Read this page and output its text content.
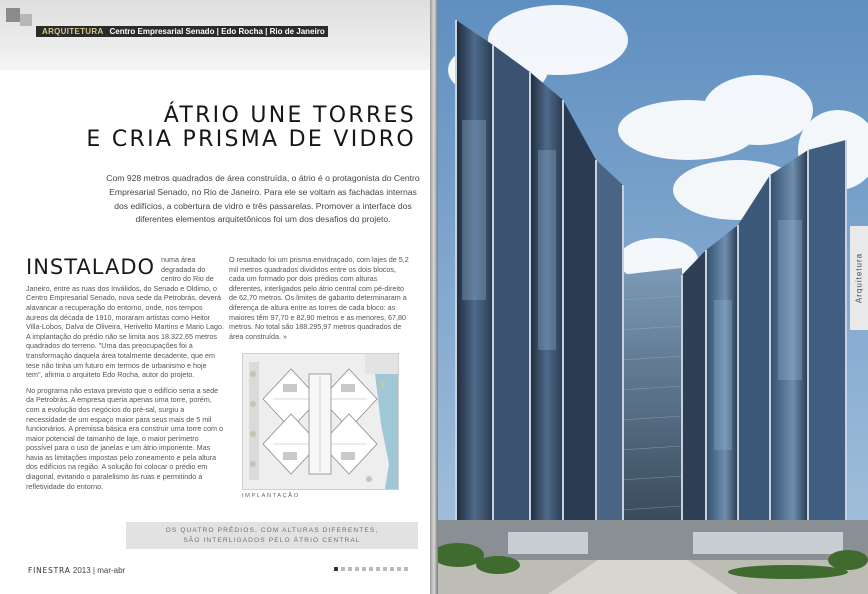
ARQUITETURA Centro Empresarial Senado | Edo Rocha | Rio de Janeiro
ÁTRIO UNE TORRES
E CRIA PRISMA DE VIDRO
Com 928 metros quadrados de área construída, o átrio é o protagonista do Centro Empresarial Senado, no Rio de Janeiro. Para ele se voltam as fachadas internas dos edifícios, a cobertura de vidro e três passarelas. Promover a interface dos diferentes elementos arquitetônicos foi um dos desafios do projeto.

INSTALADO numa área degradada do centro do Rio de Janeiro, entre as ruas dos Inválidos, do Senado e Oldimo, o Centro Empresarial Senado, nova sede da Petrobrás, deverá alavancar a recuperação do entorno, onde, nos tempos áureos da década de 1910, moraram artistas como Heitor Villa-Lobos, Dalva de Oliveira, Herivelto Martins e Mario Lago. A implantação do prédio não se limita aos 18.322,65 metros quadrados do terreno. "Uma das preocupações foi a transformação daquela área totalmente decadente, que em tese não tinha um futuro em termos de urbanismo e hoje tem", afirma o arquiteto Edo Rocha, autor do projeto.

No programa não estava previsto que o edifício seria a sede da Petrobrás. A empresa queria apenas uma torre, porém, com a evolução dos negócios do pré-sal, surgiu a necessidade de um espaço maior para seus mais de 5 mil funcionários. A premissa básica era construir uma torre com o maior potencial de tamanho de laje, o maior perímetro possível para o uso de janelas e um átrio imponente. Mas havia as limitações impostas pelo zoneamento e pela altura dos edifícios na região. A solução foi colocar o prédio em diagonal, evitando o paralelismo às ruas e permitindo a refletividade do entorno.

O resultado foi um prisma envidraçado, com lajes de 5,2 mil metros quadrados divididos entre os dois blocos, cada um formado por dois prédios com alturas diferentes, interligados pelo átrio central com pé-direito de 62,70 metros. Os limites de gabarito determinaram a diferença de altura entre as torres de cada bloco: as maiores têm 97,70 e 82,90 metros e as menores, 67,80 metros. No total são 188.295,97 metros quadrados de área construída. »

IMPLANTAÇÃO
OS QUATRO PRÉDIOS, COM ALTURAS DIFERENTES,
SÃO INTERLIGADOS PELO ÁTRIO CENTRAL
FINESTRA 2013 | mar-abr
Arquitetura
